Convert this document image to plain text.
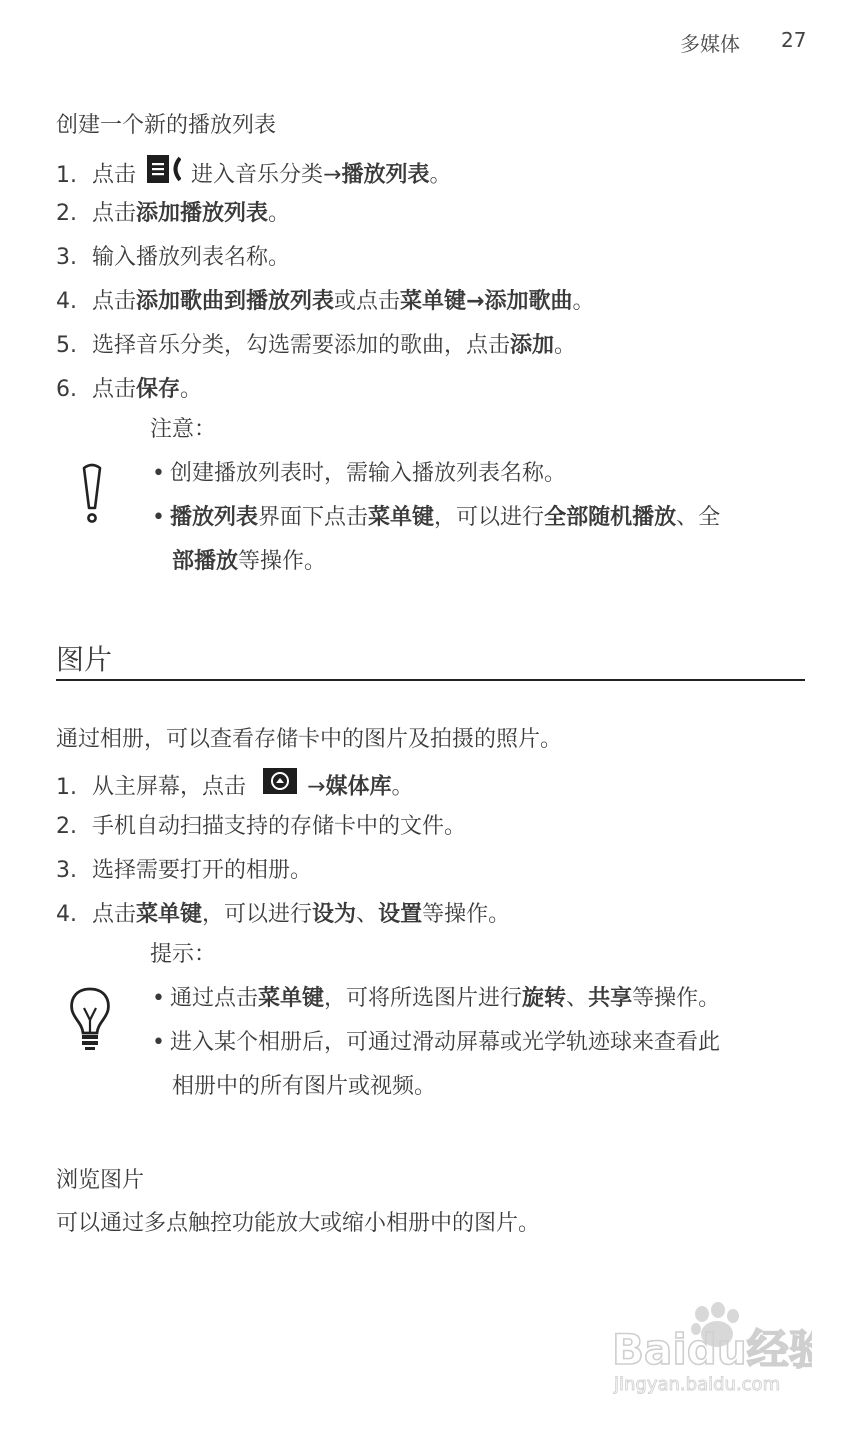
多媒体 27
创建一个新的播放列表
1. 点击	进入音乐分类→播放列表。
2. 点击添加播放列表。
3. 输入播放列表名称。
4. 点击添加歌曲到播放列表或点击菜单键→添加歌曲。
5. 选择音乐分类，勾选需要添加的歌曲，点击添加。
6. 点击保存。
注意：
• 创建播放列表时，需输入播放列表名称。
• 播放列表界面下点击菜单键，可以进行全部随机播放、全
部播放等操作。
图片
通过相册，可以查看存储卡中的图片及拍摄的照片。
1. 从主屏幕，点击	→媒体库。
2. 手机自动扫描支持的存储卡中的文件。
3. 选择需要打开的相册。
4. 点击菜单键，可以进行设为、设置等操作。
提示：
• 通过点击菜单键，可将所选图片进行旋转、共享等操作。
• 进入某个相册后，可通过滑动屏幕或光学轨迹球来查看此
相册中的所有图片或视频。
浏览图片
可以通过多点触控功能放大或缩小相册中的图片。
Baidu经验
jingyan.baidu.com
